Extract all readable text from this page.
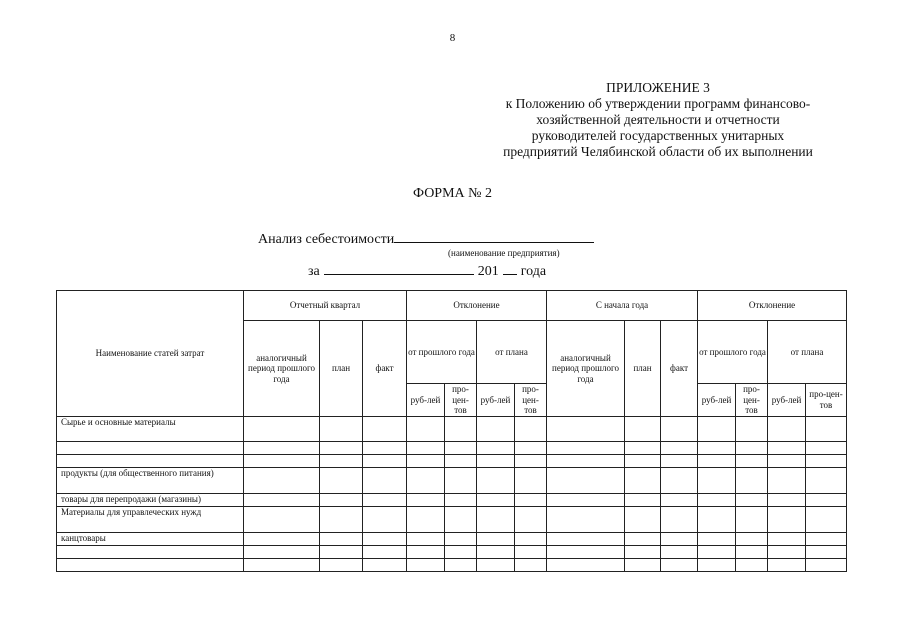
8
ПРИЛОЖЕНИЕ 3
к Положению об утверждении программ финансово-
хозяйственной деятельности и отчетности
руководителей государственных унитарных
предприятий Челябинской области об их выполнении
ФОРМА № 2
Анализ себестоимости
(наименование предприятия)
за	201 года
Наименование статей затрат	Отчетный квартал			Отклонение				С начала года			Отклонение			
	аналогичный период прошлого года	план	факт	от прошлого года		от плана		аналогичный период прошлого года	план	факт	от прошлого года		от плана	
				руб-лей	про-цен-тов	руб-лей	про-цен-тов				руб-лей	про-цен-тов	руб-лей	про-цен-тов
Сырье и основные материалы														

продукты (для общественного питания)														
товары для перепродажи (магазины)														
Материалы для управлеческих нужд														
канцтовары														
